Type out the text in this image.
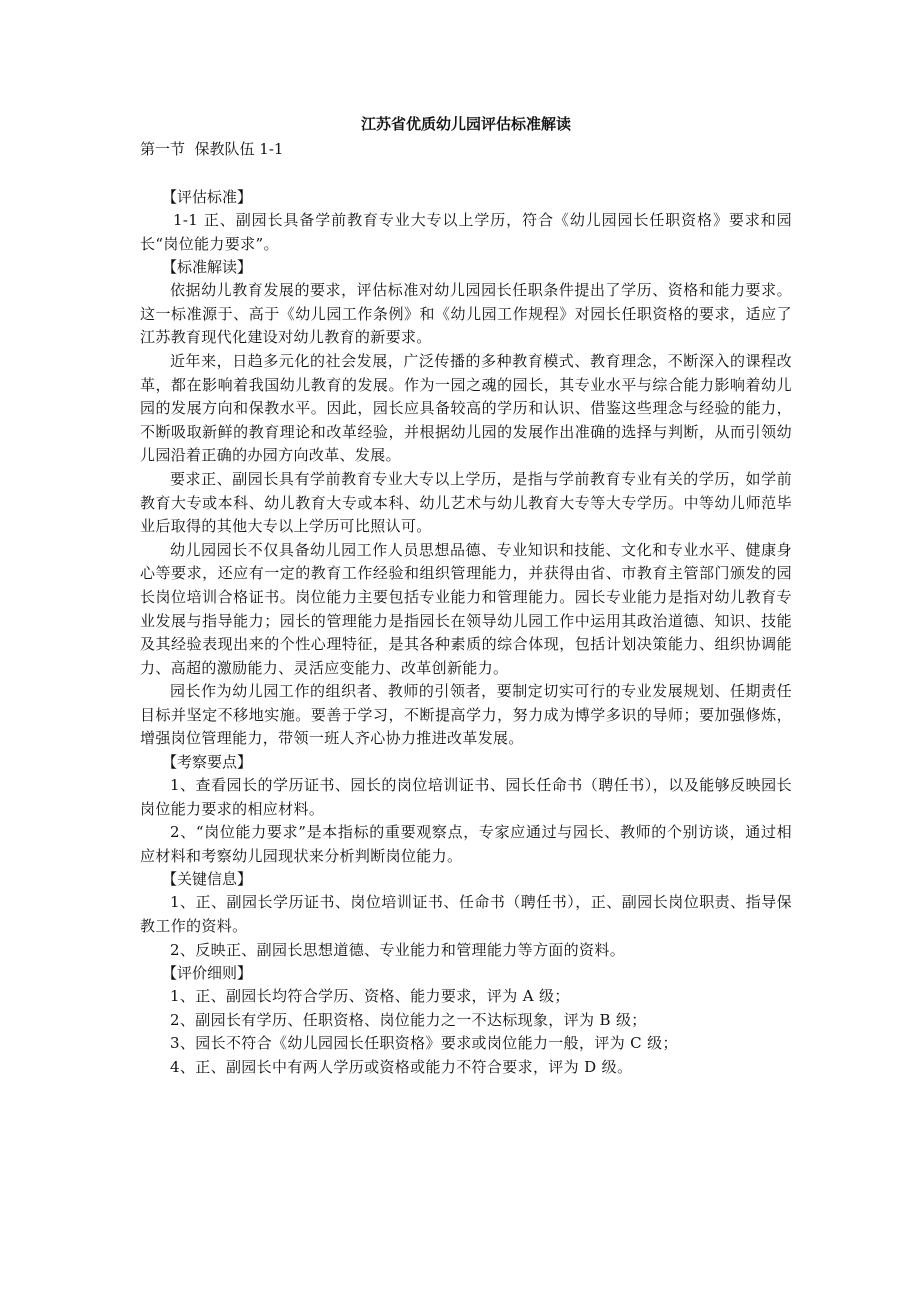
江苏省优质幼儿园评估标准解读
第一节  保教队伍 1-1
【评估标准】
1-1 正、副园长具备学前教育专业大专以上学历，符合《幼儿园园长任职资格》要求和园长“岗位能力要求”。
【标准解读】
依据幼儿教育发展的要求，评估标准对幼儿园园长任职条件提出了学历、资格和能力要求。这一标准源于、高于《幼儿园工作条例》和《幼儿园工作规程》对园长任职资格的要求，适应了江苏教育现代化建设对幼儿教育的新要求。
近年来，日趋多元化的社会发展，广泛传播的多种教育模式、教育理念，不断深入的课程改革，都在影响着我国幼儿教育的发展。作为一园之魂的园长，其专业水平与综合能力影响着幼儿园的发展方向和保教水平。因此，园长应具备较高的学历和认识、借鉴这些理念与经验的能力，不断吸取新鲜的教育理论和改革经验，并根据幼儿园的发展作出准确的选择与判断，从而引领幼儿园沿着正确的办园方向改革、发展。
要求正、副园长具有学前教育专业大专以上学历，是指与学前教育专业有关的学历，如学前教育大专或本科、幼儿教育大专或本科、幼儿艺术与幼儿教育大专等大专学历。中等幼儿师范毕业后取得的其他大专以上学历可比照认可。
幼儿园园长不仅具备幼儿园工作人员思想品德、专业知识和技能、文化和专业水平、健康身心等要求，还应有一定的教育工作经验和组织管理能力，并获得由省、市教育主管部门颁发的园长岗位培训合格证书。岗位能力主要包括专业能力和管理能力。园长专业能力是指对幼儿教育专业发展与指导能力；园长的管理能力是指园长在领导幼儿园工作中运用其政治道德、知识、技能及其经验表现出来的个性心理特征，是其各种素质的综合体现，包括计划决策能力、组织协调能力、高超的激励能力、灵活应变能力、改革创新能力。
园长作为幼儿园工作的组织者、教师的引领者，要制定切实可行的专业发展规划、任期责任目标并坚定不移地实施。要善于学习，不断提高学力，努力成为博学多识的导师；要加强修炼，增强岗位管理能力，带领一班人齐心协力推进改革发展。
【考察要点】
1、查看园长的学历证书、园长的岗位培训证书、园长任命书（聘任书），以及能够反映园长岗位能力要求的相应材料。
2、“岗位能力要求”是本指标的重要观察点，专家应通过与园长、教师的个别访谈，通过相应材料和考察幼儿园现状来分析判断岗位能力。
【关键信息】
1、正、副园长学历证书、岗位培训证书、任命书（聘任书），正、副园长岗位职责、指导保教工作的资料。
2、反映正、副园长思想道德、专业能力和管理能力等方面的资料。
【评价细则】
1、正、副园长均符合学历、资格、能力要求，评为 A 级；
2、副园长有学历、任职资格、岗位能力之一不达标现象，评为 B 级；
3、园长不符合《幼儿园园长任职资格》要求或岗位能力一般，评为 C 级；
4、正、副园长中有两人学历或资格或能力不符合要求，评为 D 级。
